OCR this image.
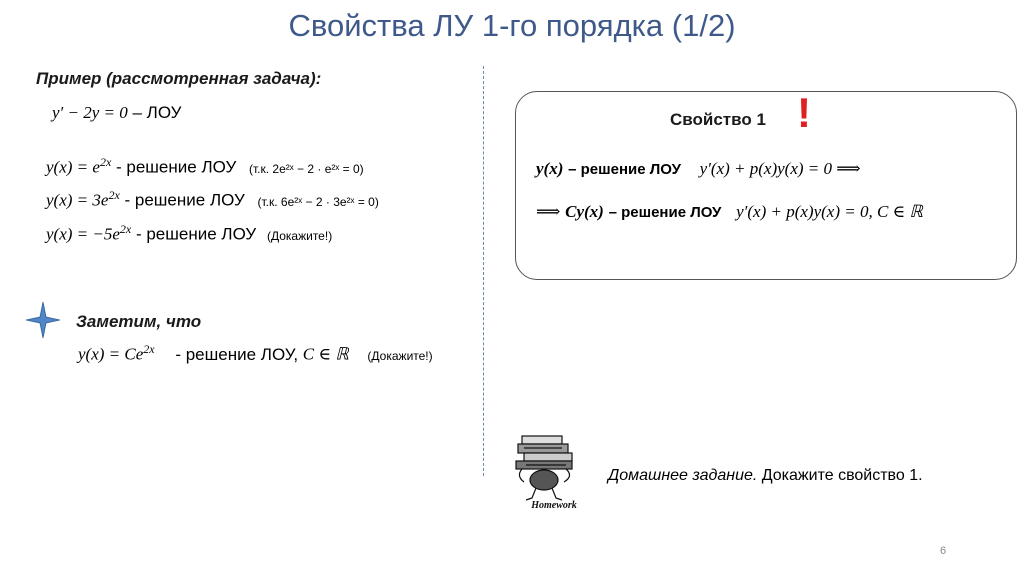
Свойства ЛУ 1-го порядка (1/2)
Пример (рассмотренная задача):
y′ − 2y = 0 – ЛОУ
$y(x) = e^{2x}$ - решение ЛОУ (т.к. 2e²ˣ − 2 · e²ˣ = 0)
$y(x) = 3e^{2x}$ - решение ЛОУ (т.к. 6e²ˣ − 2 · 3e²ˣ = 0)
$y(x) = -5e^{2x}$ - решение ЛОУ (Докажите!)
Заметим, что
$y(x) = Ce^{2x}$ - решение ЛОУ, C ∈ ℝ (Докажите!)
Свойство 1 !
y(x) – решение ЛОУ y′(x) + p(x)y(x) = 0 ⟹
⟹ Cy(x) – решение ЛОУ y′(x) + p(x)y(x) = 0, C ∈ ℝ
Homework
Домашнее задание. Докажите свойство 1.
6
